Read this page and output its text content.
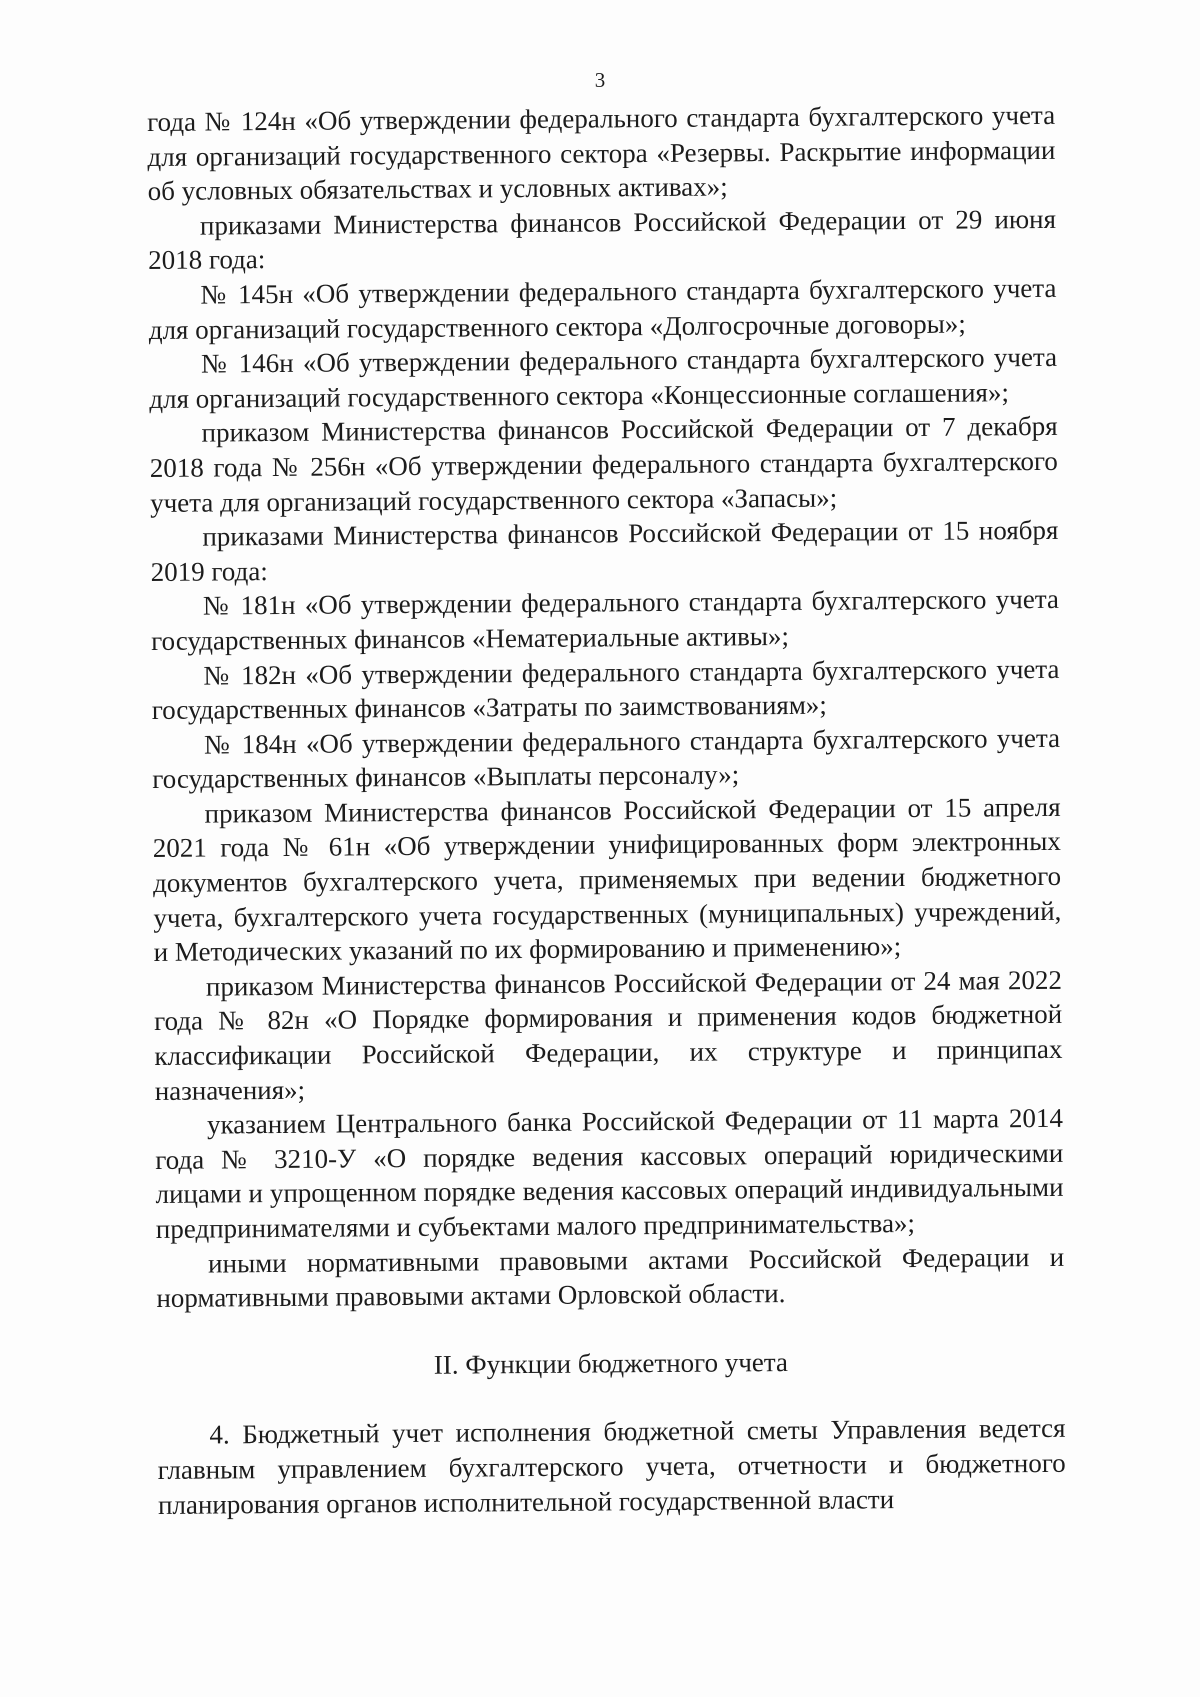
3

года № 124н «Об утверждении федерального стандарта бухгалтерского учета для организаций государственного сектора «Резервы. Раскрытие информации об условных обязательствах и условных активах»;

приказами Министерства финансов Российской Федерации от 29 июня 2018 года:

№ 145н «Об утверждении федерального стандарта бухгалтерского учета для организаций государственного сектора «Долгосрочные договоры»;

№ 146н «Об утверждении федерального стандарта бухгалтерского учета для организаций государственного сектора «Концессионные соглашения»;

приказом Министерства финансов Российской Федерации от 7 декабря 2018 года № 256н «Об утверждении федерального стандарта бухгалтерского учета для организаций государственного сектора «Запасы»;

приказами Министерства финансов Российской Федерации от 15 ноября 2019 года:

№ 181н «Об утверждении федерального стандарта бухгалтерского учета государственных финансов «Нематериальные активы»;

№ 182н «Об утверждении федерального стандарта бухгалтерского учета государственных финансов «Затраты по заимствованиям»;

№ 184н «Об утверждении федерального стандарта бухгалтерского учета государственных финансов «Выплаты персоналу»;

приказом Министерства финансов Российской Федерации от 15 апреля 2021 года № 61н «Об утверждении унифицированных форм электронных документов бухгалтерского учета, применяемых при ведении бюджетного учета, бухгалтерского учета государственных (муниципальных) учреждений, и Методических указаний по их формированию и применению»;

приказом Министерства финансов Российской Федерации от 24 мая 2022 года № 82н «О Порядке формирования и применения кодов бюджетной классификации Российской Федерации, их структуре и принципах назначения»;

указанием Центрального банка Российской Федерации от 11 марта 2014 года № 3210-У «О порядке ведения кассовых операций юридическими лицами и упрощенном порядке ведения кассовых операций индивидуальными предпринимателями и субъектами малого предпринимательства»;

иными нормативными правовыми актами Российской Федерации и нормативными правовыми актами Орловской области.

II. Функции бюджетного учета

4. Бюджетный учет исполнения бюджетной сметы Управления ведется главным управлением бухгалтерского учета, отчетности и бюджетного планирования органов исполнительной государственной власти
